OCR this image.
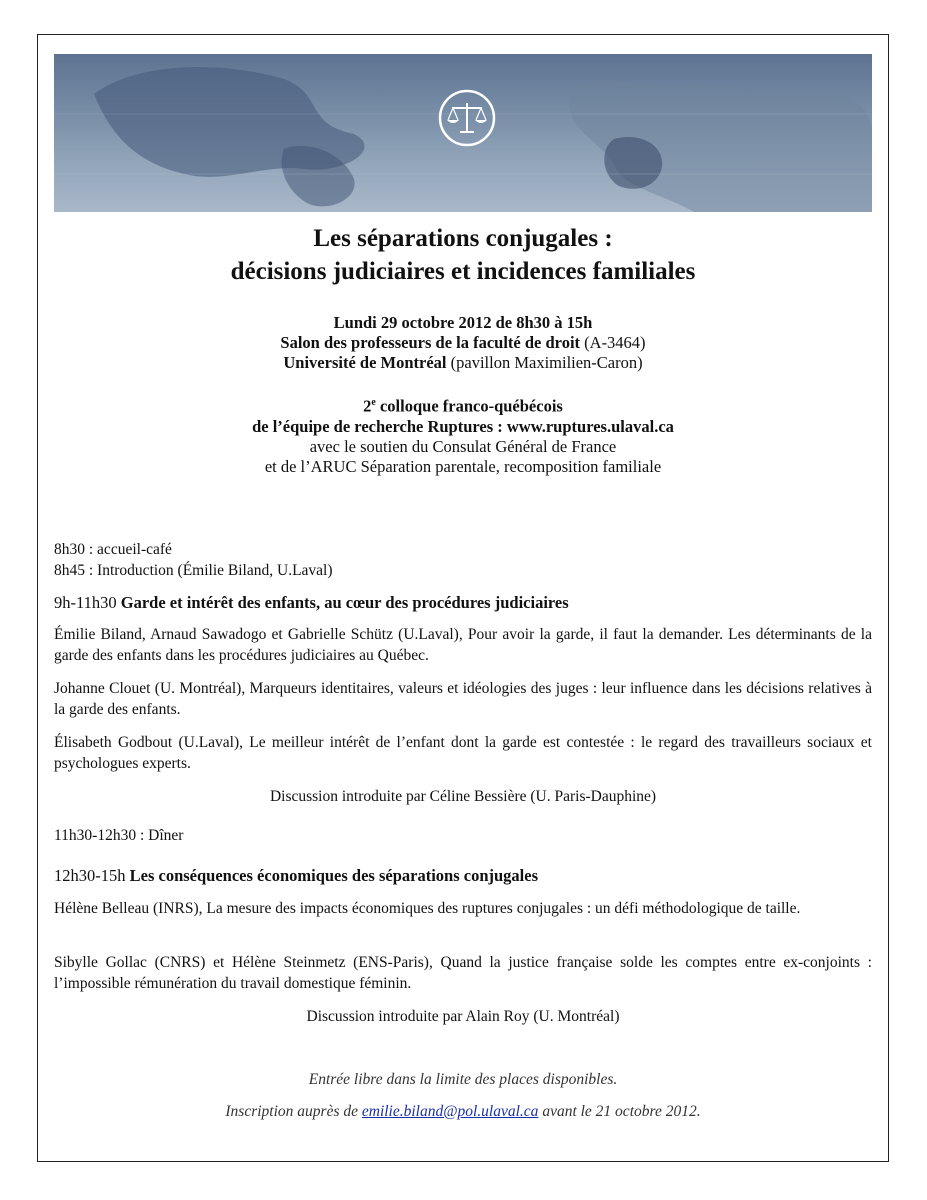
Les séparations conjugales :
décisions judiciaires et incidences familiales
Lundi 29 octobre 2012 de 8h30 à 15h
Salon des professeurs de la faculté de droit (A-3464)
Université de Montréal (pavillon Maximilien-Caron)
2e colloque franco-québécois
de l’équipe de recherche Ruptures : www.ruptures.ulaval.ca
avec le soutien du Consulat Général de France
et de l’ARUC Séparation parentale, recomposition familiale

8h30 : accueil-café

8h45 : Introduction (Émilie Biland, U.Laval)

9h-11h30 Garde et intérêt des enfants, au cœur des procédures judiciaires

Émilie Biland, Arnaud Sawadogo et Gabrielle Schütz (U.Laval), Pour avoir la garde, il faut la demander. Les déterminants de la garde des enfants dans les procédures judiciaires au Québec.

Johanne Clouet (U. Montréal), Marqueurs identitaires, valeurs et idéologies des juges : leur influence dans les décisions relatives à la garde des enfants.

Élisabeth Godbout (U.Laval), Le meilleur intérêt de l’enfant dont la garde est contestée : le regard des travailleurs sociaux et psychologues experts.

Discussion introduite par Céline Bessière (U. Paris-Dauphine)

11h30-12h30 : Dîner

12h30-15h Les conséquences économiques des séparations conjugales

Hélène Belleau (INRS), La mesure des impacts économiques des ruptures conjugales : un défi méthodologique de taille.

Sibylle Gollac (CNRS) et Hélène Steinmetz (ENS-Paris), Quand la justice française solde les comptes entre ex-conjoints : l’impossible rémunération du travail domestique féminin.

Discussion introduite par Alain Roy (U. Montréal)

Entrée libre dans la limite des places disponibles.
Inscription auprès de emilie.biland@pol.ulaval.ca avant le 21 octobre 2012.
